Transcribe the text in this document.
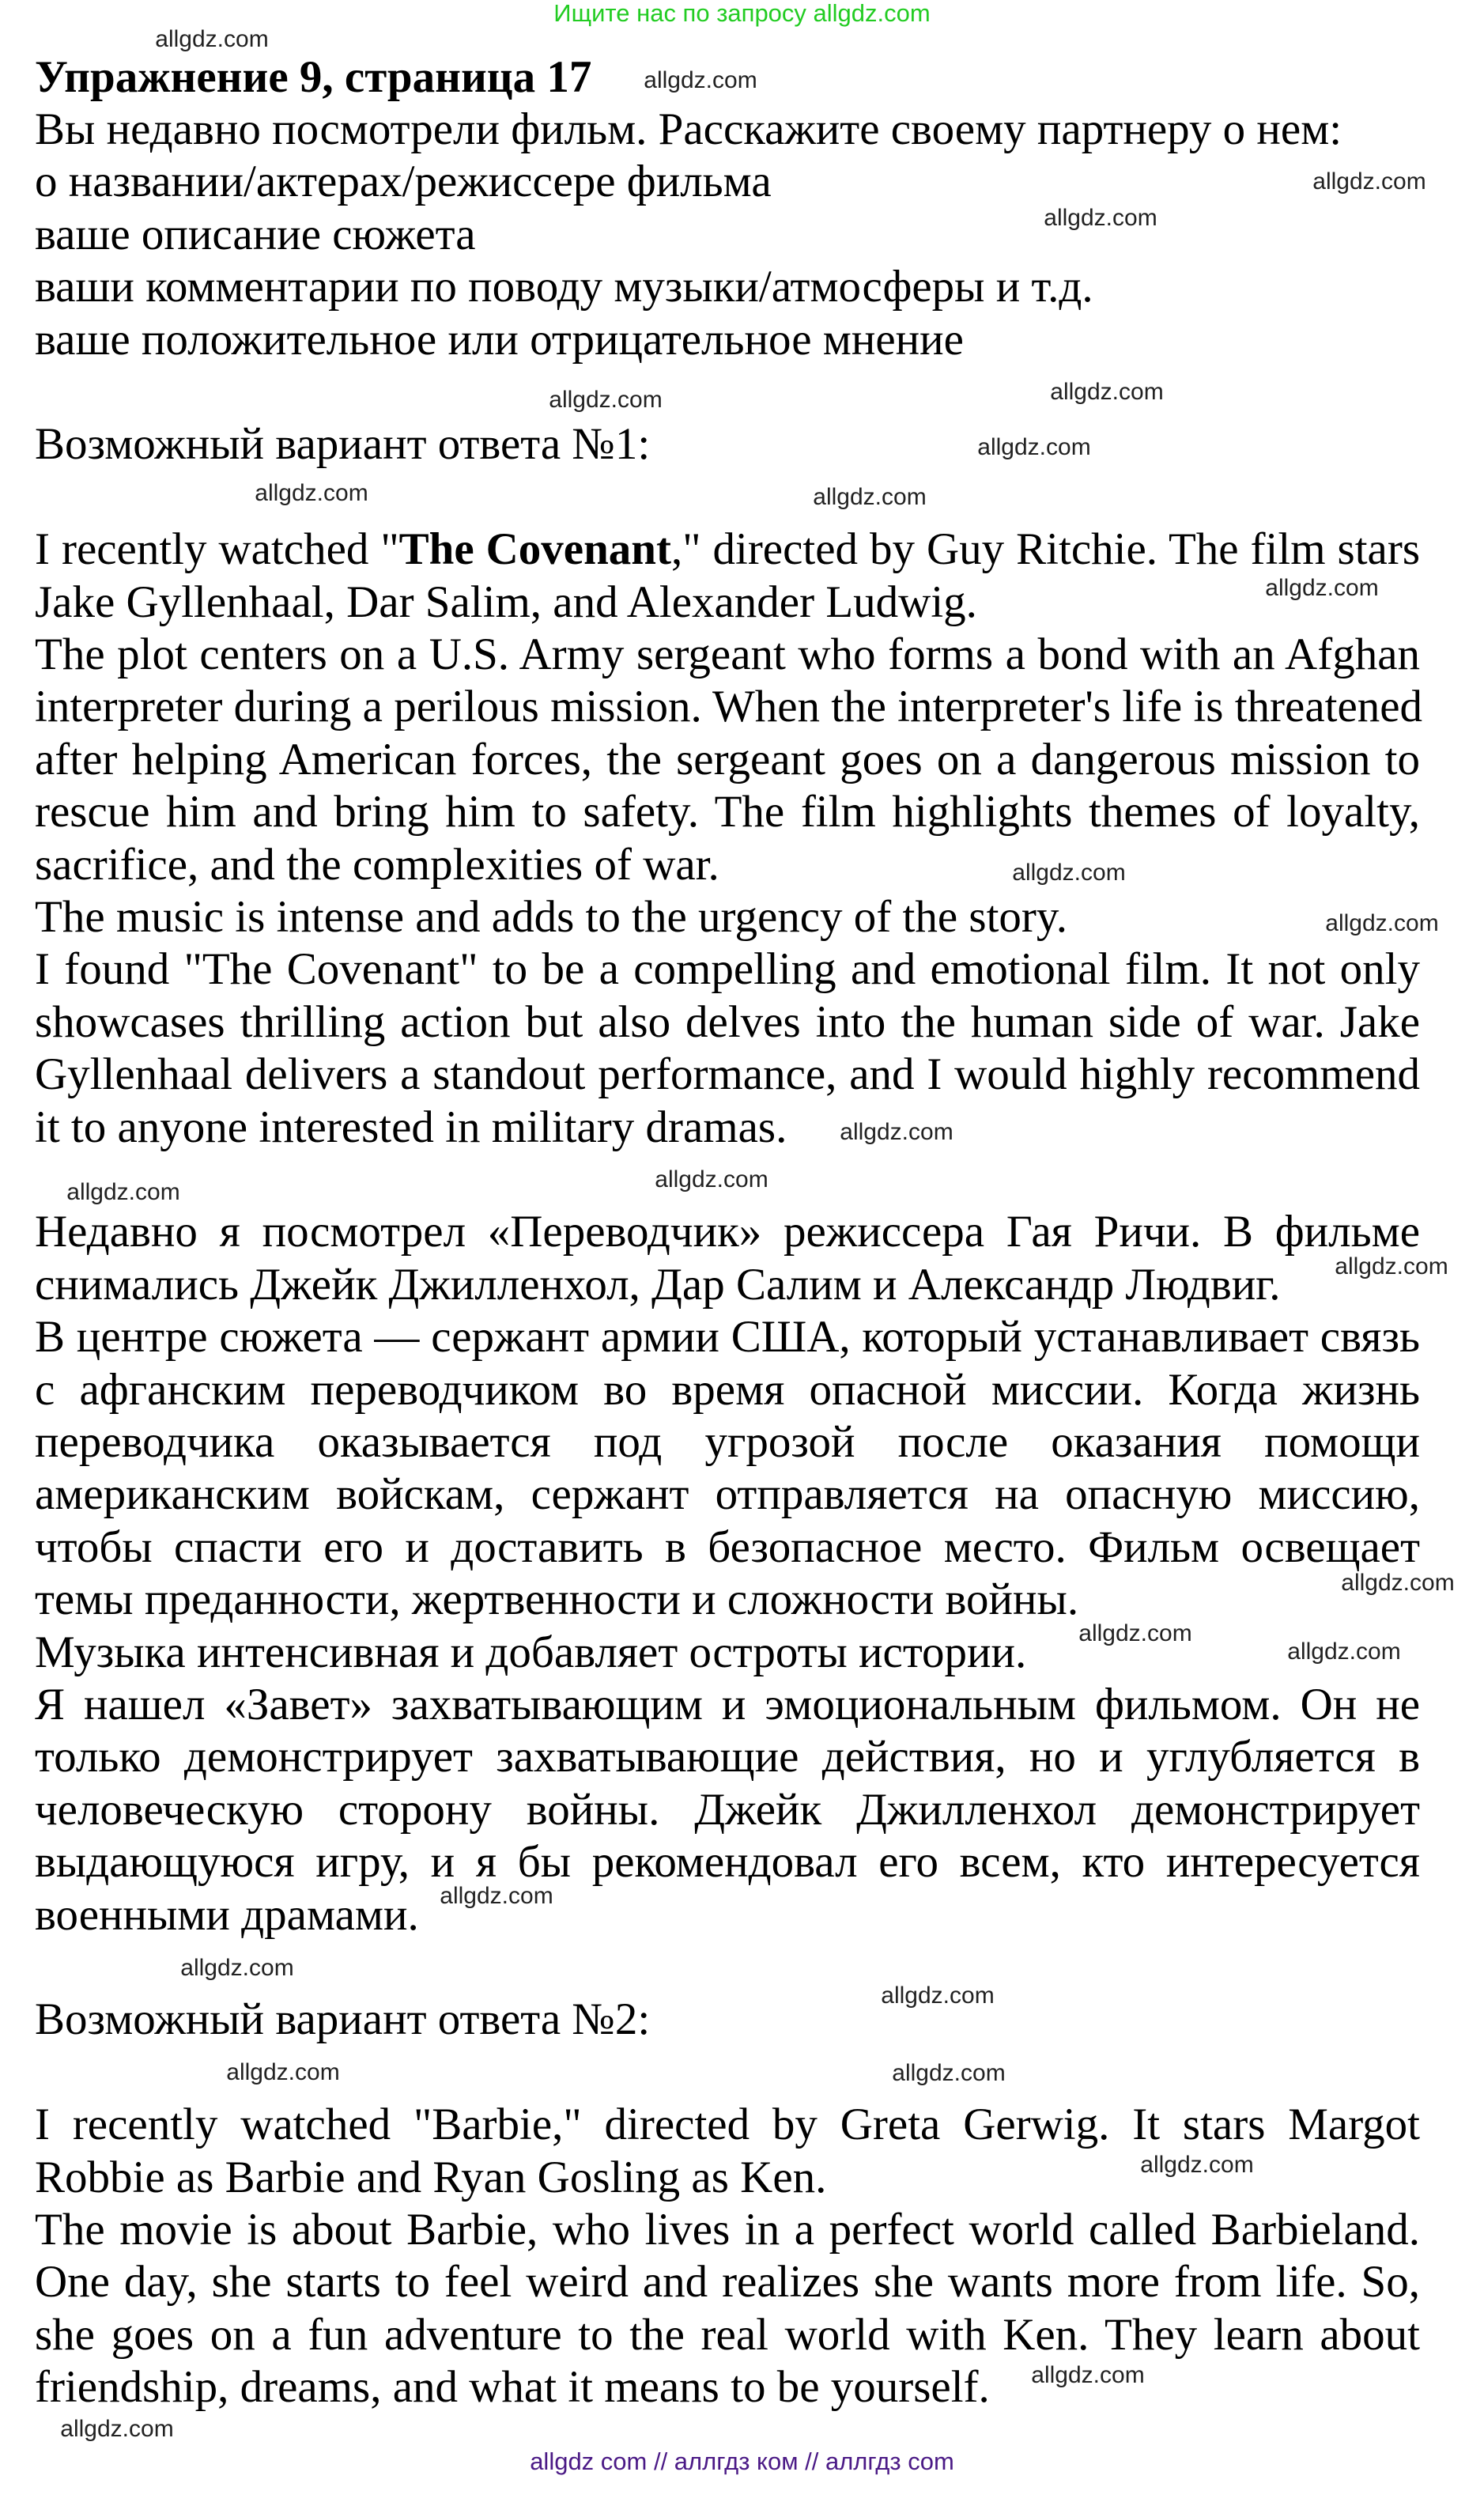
Ищите нас по запросу allgdz.com
Упражнение 9, страница 17
Вы недавно посмотрели фильм. Расскажите своему партнеру о нем:
о названии/актерах/режиссере фильма
ваше описание сюжета
ваши комментарии по поводу музыки/атмосферы и т.д.
ваше положительное или отрицательное мнение
Возможный вариант ответа №1:
I recently watched "The Covenant," directed by Guy Ritchie. The film stars
Jake Gyllenhaal, Dar Salim, and Alexander Ludwig.
The plot centers on a U.S. Army sergeant who forms a bond with an Afghan
interpreter during a perilous mission. When the interpreter's life is threatened
after helping American forces, the sergeant goes on a dangerous mission to
rescue him and bring him to safety. The film highlights themes of loyalty,
sacrifice, and the complexities of war.
The music is intense and adds to the urgency of the story.
I found "The Covenant" to be a compelling and emotional film. It not only
showcases thrilling action but also delves into the human side of war. Jake
Gyllenhaal delivers a standout performance, and I would highly recommend
it to anyone interested in military dramas.
Недавно я посмотрел «Переводчик» режиссера Гая Ричи. В фильме
снимались Джейк Джилленхол, Дар Салим и Александр Людвиг.
В центре сюжета — сержант армии США, который устанавливает связь
с афганским переводчиком во время опасной миссии. Когда жизнь
переводчика оказывается под угрозой после оказания помощи
американским войскам, сержант отправляется на опасную миссию,
чтобы спасти его и доставить в безопасное место. Фильм освещает
темы преданности, жертвенности и сложности войны.
Музыка интенсивная и добавляет остроты истории.
Я нашел «Завет» захватывающим и эмоциональным фильмом. Он не
только демонстрирует захватывающие действия, но и углубляется в
человеческую сторону войны. Джейк Джилленхол демонстрирует
выдающуюся игру, и я бы рекомендовал его всем, кто интересуется
военными драмами.
Возможный вариант ответа №2:
I recently watched "Barbie," directed by Greta Gerwig. It stars Margot
Robbie as Barbie and Ryan Gosling as Ken.
The movie is about Barbie, who lives in a perfect world called Barbieland.
One day, she starts to feel weird and realizes she wants more from life. So,
she goes on a fun adventure to the real world with Ken. They learn about
friendship, dreams, and what it means to be yourself.
allgdz.com
allgdz.com
allgdz.com
allgdz.com
allgdz.com
allgdz.com
allgdz.com
allgdz.com
allgdz.com
allgdz.com
allgdz.com
allgdz.com
allgdz.com
allgdz.com
allgdz.com
allgdz.com
allgdz.com
allgdz.com
allgdz.com
allgdz.com
allgdz.com
allgdz.com
allgdz.com
allgdz.com
allgdz.com
allgdz.com
allgdz.com
allgdz com // аллгдз ком // аллгдз com
